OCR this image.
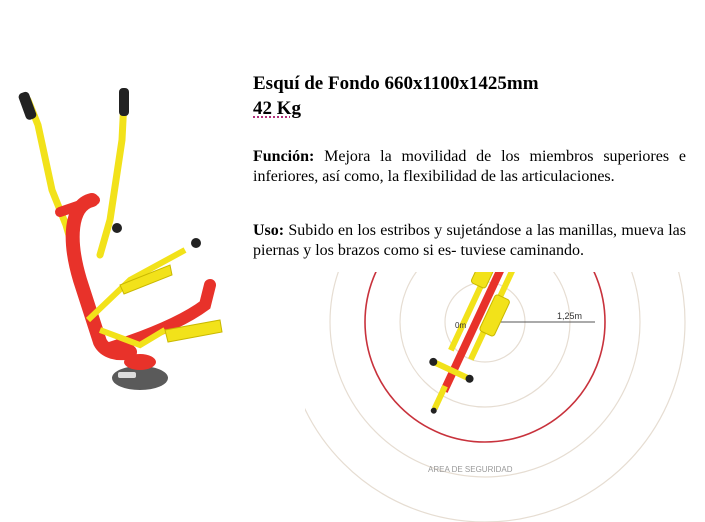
Esquí de Fondo 660x1100x1425mm
42 Kg
1,25m
0m
AREA DE SEGURIDAD
Función: Mejora la movilidad de los miembros superiores e inferiores, así como, la flexibilidad de las articulaciones.
Uso: Subido en los estribos y sujetándose a las manillas, mueva las piernas y los brazos como si es- tuviese caminando.
